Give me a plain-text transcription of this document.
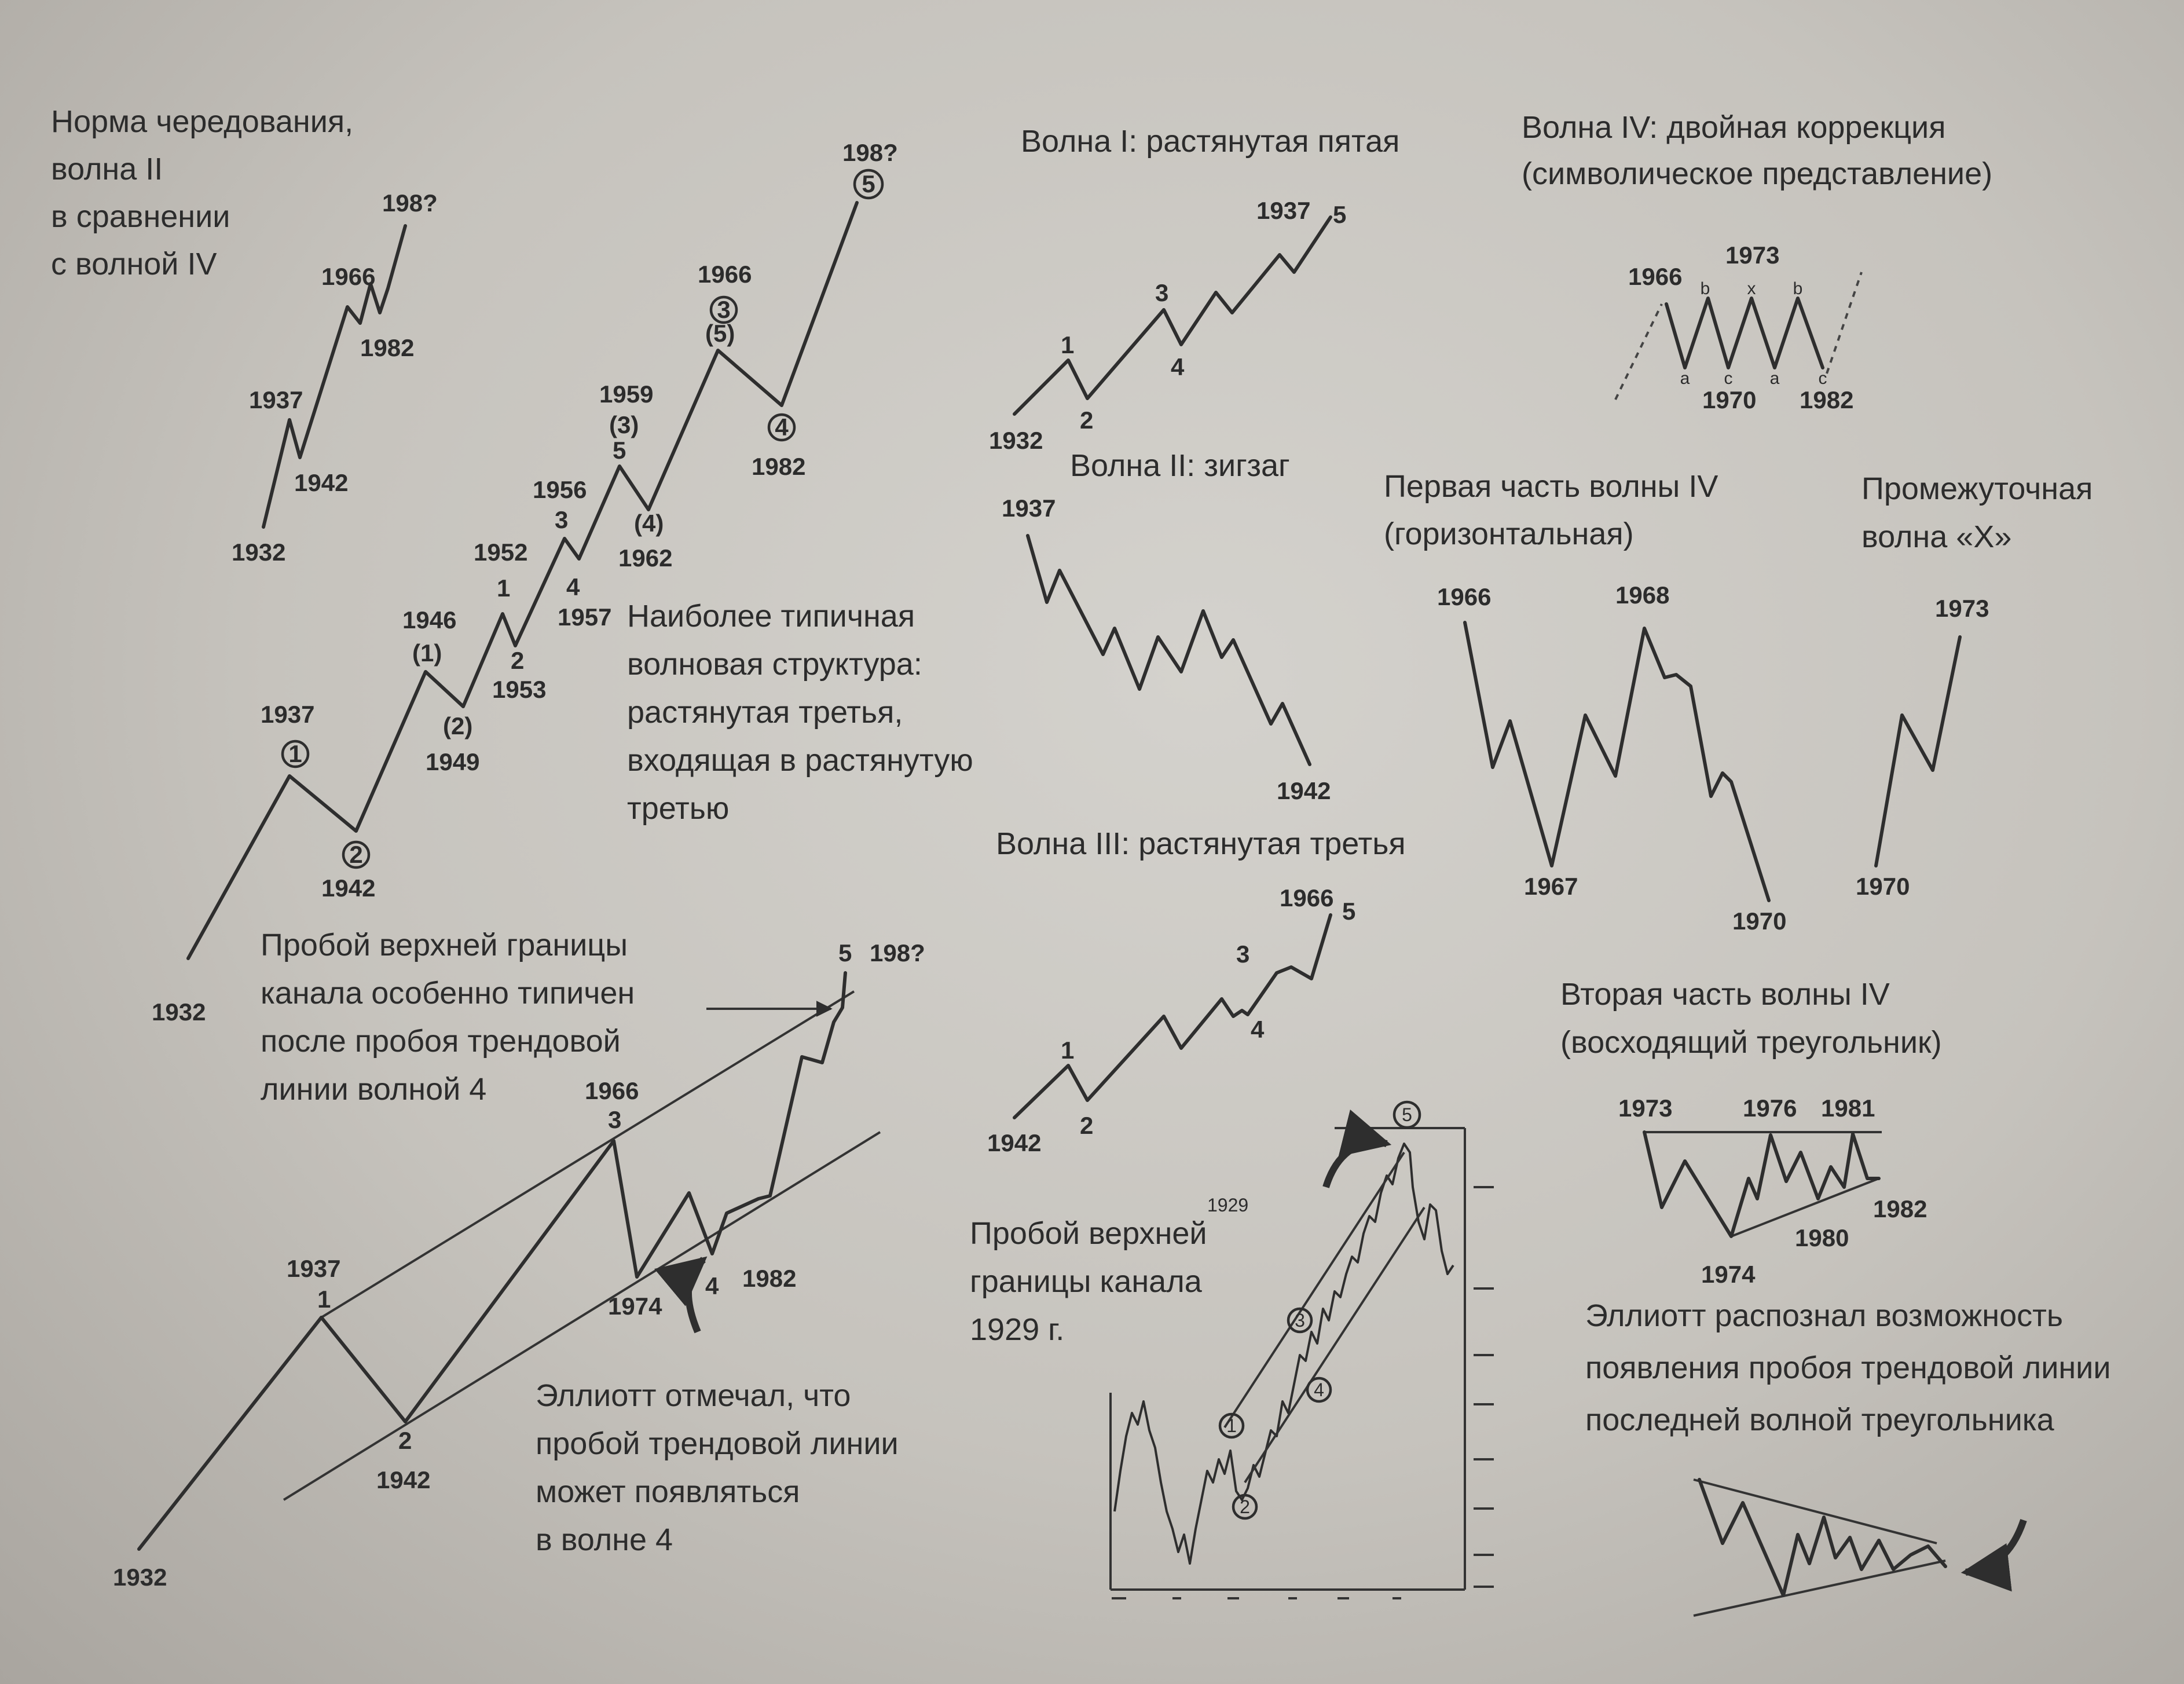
Норма чередования,
волна II
в сравнении
с волной IV
1932
1937
1942
1966
1982
198?
1932
1937
1
2
1942
1946
(1)
(2)
1949
1952
1
2
1953
1956
3
4
1957
1959
(3)
5
(4)
1962
1966
3
(5)
4
1982
5
198?
Наиболее типичная
волновая структура:
растянутая третья,
входящая в растянутую
третью
Пробой верхней границы
канала особенно типичен
после пробоя трендовой
линии волной 4
1932
1937
1
2
1942
1966
3
1974
4 1982
5 198?
Эллиотт отмечал, что
пробой трендовой линии
может появляться
в волне 4
Волна I: растянутая пятая
1932
1
2
3
4
1937 5
Волна II: зигзаг
1937
1942
Волна III: растянутая третья
1942
1
2
3
4
1966 5
Пробой верхней
границы канала
1929 г.
1929
1
2
3
4
5
Волна IV: двойная коррекция
(символическое представление)
1966
1973
1970 1982
b x b
a c a c
Первая часть волны IV
(горизонтальная)
1966	1968
1967
1970
Промежуточная
волна «X»
1973
1970
Вторая часть волны IV
(восходящий треугольник)
1973	1976 1981
1982
1980
1974
Эллиотт распознал возможность
появления пробоя трендовой линии
последней волной треугольника
